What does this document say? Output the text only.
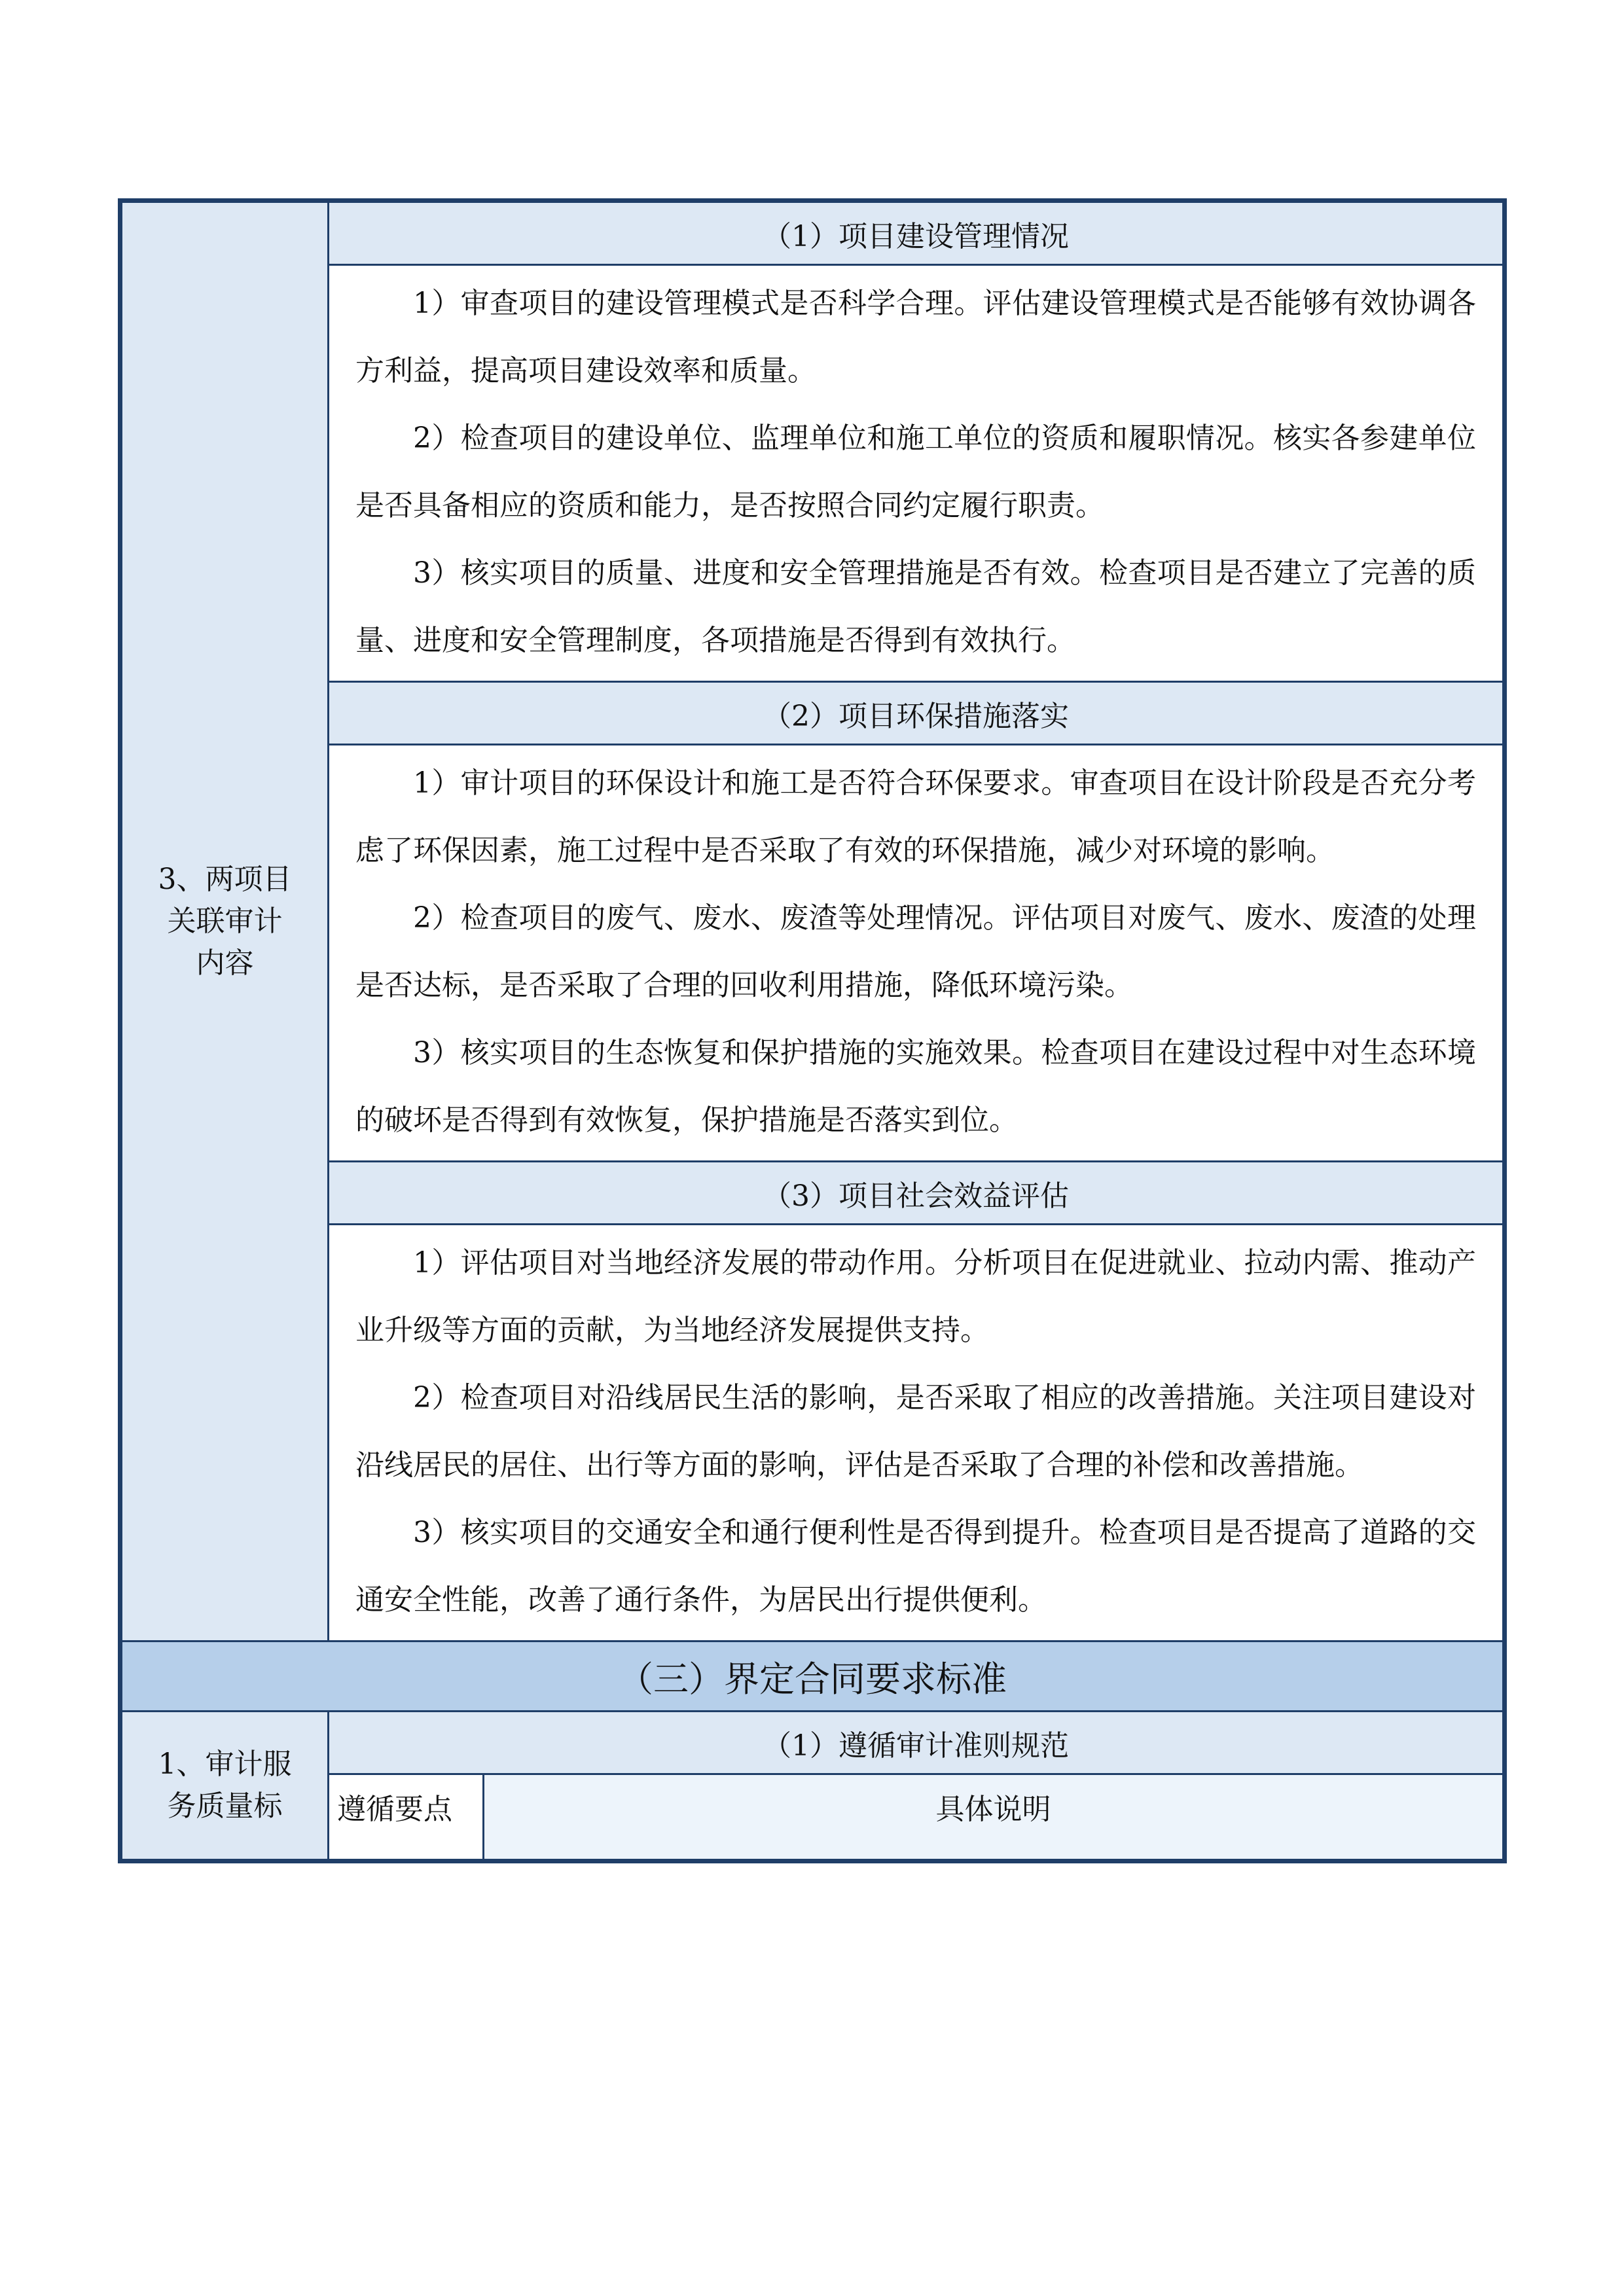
3、两项目
关联审计
内容
	（1）项目建设管理情况

1）审查项目的建设管理模式是否科学合理。评估建设管理模式是否能够有效协调各方利益，提高项目建设效率和质量。

2）检查项目的建设单位、监理单位和施工单位的资质和履职情况。核实各参建单位是否具备相应的资质和能力，是否按照合同约定履行职责。

3）核实项目的质量、进度和安全管理措施是否有效。检查项目是否建立了完善的质量、进度和安全管理制度，各项措施是否得到有效执行。

（2）项目环保措施落实

1）审计项目的环保设计和施工是否符合环保要求。审查项目在设计阶段是否充分考虑了环保因素，施工过程中是否采取了有效的环保措施，减少对环境的影响。

2）检查项目的废气、废水、废渣等处理情况。评估项目对废气、废水、废渣的处理是否达标，是否采取了合理的回收利用措施，降低环境污染。

3）核实项目的生态恢复和保护措施的实施效果。检查项目在建设过程中对生态环境的破坏是否得到有效恢复，保护措施是否落实到位。

（3）项目社会效益评估

1）评估项目对当地经济发展的带动作用。分析项目在促进就业、拉动内需、推动产业升级等方面的贡献，为当地经济发展提供支持。

2）检查项目对沿线居民生活的影响，是否采取了相应的改善措施。关注项目建设对沿线居民的居住、出行等方面的影响，评估是否采取了合理的补偿和改善措施。

3）核实项目的交通安全和通行便利性是否得到提升。检查项目是否提高了道路的交通安全性能，改善了通行条件，为居民出行提供便利。

（三）界定合同要求标准

1、审计服
务质量标
	（1）遵循审计准则规范

遵循要点	具体说明
